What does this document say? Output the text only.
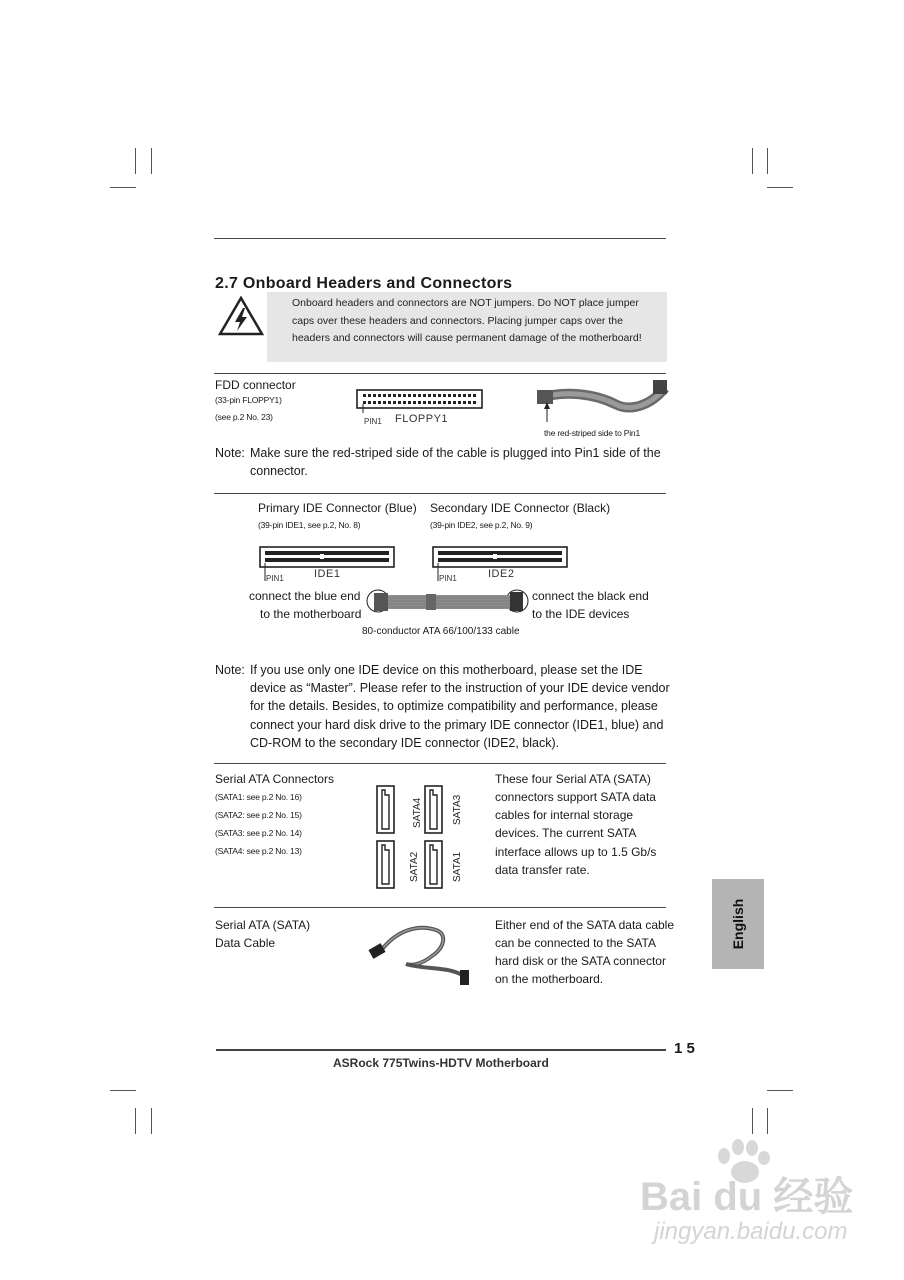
2.7 Onboard Headers and Connectors
Onboard headers and connectors are NOT jumpers. Do NOT place jumper caps over these headers and connectors. Placing jumper caps over the headers and connectors will cause permanent damage of the motherboard!
FDD connector
(33-pin FLOPPY1)
(see p.2 No. 23)	PIN1 FLOPPY1
the red-striped side to Pin1
Note: Make sure the red-striped side of the cable is plugged into Pin1 side of the connector.
Primary IDE Connector (Blue)
(39-pin IDE1, see p.2, No. 8)
Secondary IDE Connector (Black)
(39-pin IDE2, see p.2, No. 9)
PIN1	IDE1	PIN1	IDE2
connect the blue end
to the motherboard
connect the black end
to the IDE devices
80-conductor ATA 66/100/133 cable
Note: If you use only one IDE device on this motherboard, please set the IDE
device as “Master”. Please refer to the instruction of your IDE device vendor
for the details. Besides, to optimize compatibility and performance, please
connect your hard disk drive to the primary IDE connector (IDE1, blue) and
CD-ROM to the secondary IDE connector (IDE2, black).
Serial ATA Connectors
(SATA1: see p.2 No. 16)
(SATA2: see p.2 No. 15)
(SATA3: see p.2 No. 14)
(SATA4: see p.2 No. 13)
SATA4	SATA3
SATA2	SATA1
These four Serial ATA (SATA)
connectors support SATA data
cables for internal storage
devices. The current SATA
interface allows up to 1.5 Gb/s
data transfer rate.
Serial ATA (SATA)
Data Cable
Either end of the SATA data cable
can be connected to the SATA
hard disk or the SATA connector
on the motherboard.
English
1 5
ASRock 775Twins-HDTV Motherboard
Bai du 经验
jingyan.baidu.com
